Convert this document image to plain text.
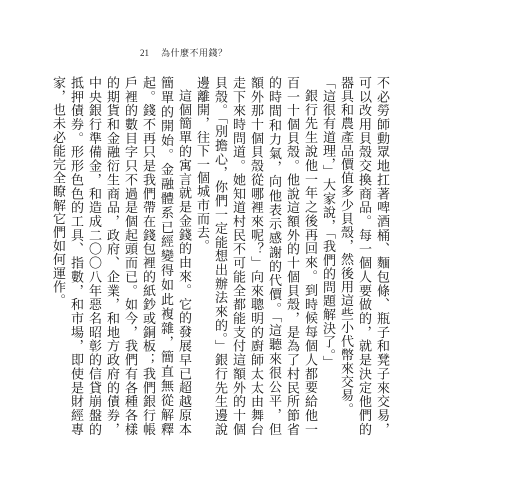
21 為什麼不用錢？

不必勞師動眾地扛著啤酒桶、麵包條、瓶子和凳子來交易，可以改用貝殼交換商品。每一個人要做的，就是決定他們的器具和農產品價值多少貝殼，然後用這些小代幣來交易。

「這很有道理，」大家說，「我們的問題解決了。」

銀行先生說他一年之後再回來。到時候每個人都要給他一百一十個貝殼。他說這額外的十個貝殼，是為了村民所節省的時間和力氣，向他表示感謝的代價。「這聽來很公平，但額外那十個貝殼從哪裡來呢？」向來聰明的廚師太太由舞台走下來時問道。她知道村民不可能全都能支付這額外的十個貝殼。「別擔心，你們一定能想出辦法來的。」銀行先生邊說邊離開，往下一個城市而去。

這個簡單的寓言就是金錢的由來。它的發展早已超越原本簡單的開始。金融體系已經變得如此複雜，簡直無從解釋起。錢不再只是我們帶在錢包裡的紙鈔或銅板；我們銀行帳戶裡的數目字只不過是個起頭而已。如今，我們有各種各樣的期貨和金融衍生商品，政府、企業，和地方政府的債券，中央銀行準備金，和造成二〇〇八年惡名昭彰的信貸崩盤的抵押債券。形形色色的工具、指數，和市場，即使是財經專家，也未必能完全瞭解它們如何運作。
